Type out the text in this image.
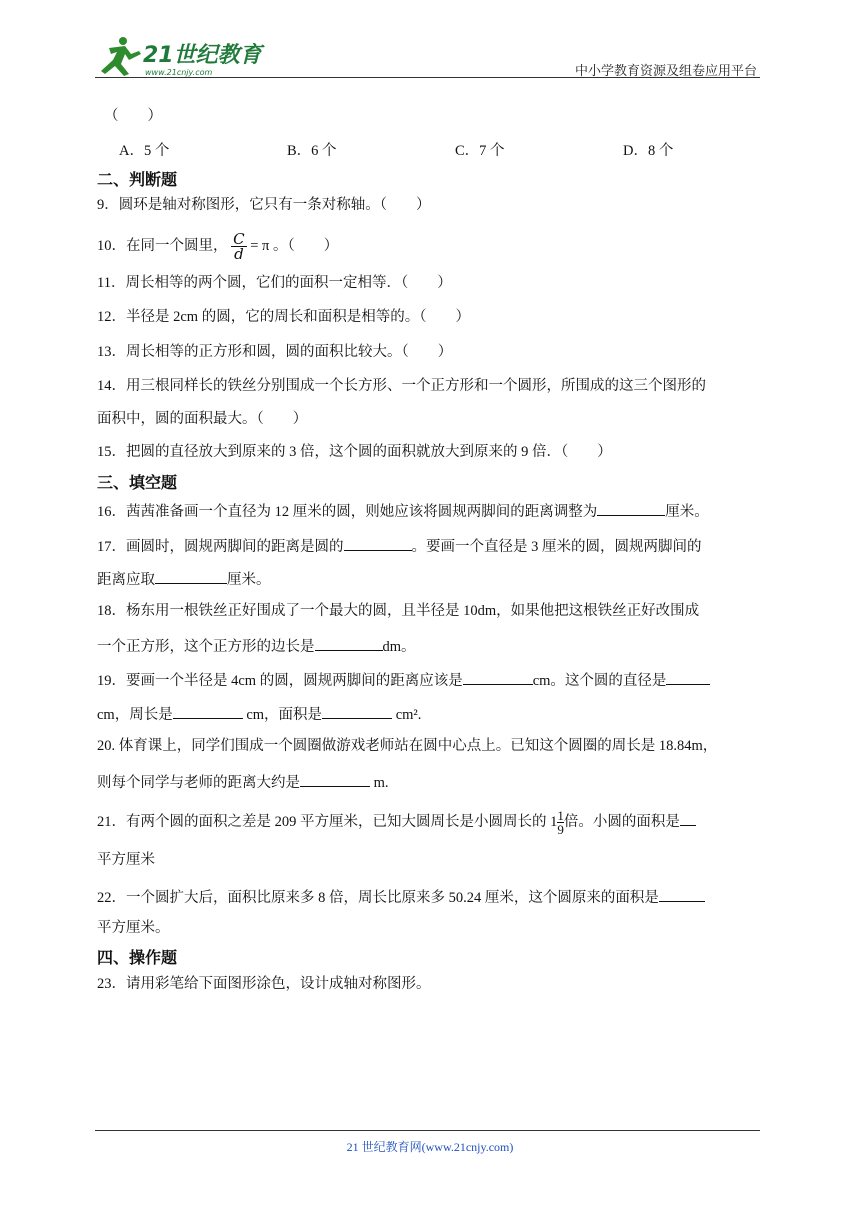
21世纪教育
www.21cnjy.com	中小学教育资源及组卷应用平台
（　　）
A．5 个	B．6 个	C．7 个	D．8 个
二、判断题
9．圆环是轴对称图形，它只有一条对称轴。（　　）
10．在同一个圆里， $\frac{C}{d} = \pi$ 。（　　）
11．周长相等的两个圆，它们的面积一定相等．（　　）
12．半径是 2cm 的圆，它的周长和面积是相等的。（　　）
13．周长相等的正方形和圆，圆的面积比较大。（　　）
14．用三根同样长的铁丝分别围成一个长方形、一个正方形和一个圆形，所围成的这三个图形的
面积中，圆的面积最大。（　　）
15．把圆的直径放大到原来的 3 倍，这个圆的面积就放大到原来的 9 倍．（　　）
三、填空题
16．茜茜准备画一个直径为 12 厘米的圆，则她应该将圆规两脚间的距离调整为	厘米。
17．画圆时，圆规两脚间的距离是圆的	。要画一个直径是 3 厘米的圆，圆规两脚间的
距离应取	厘米。
18．杨东用一根铁丝正好围成了一个最大的圆，且半径是 10dm，如果他把这根铁丝正好改围成
一个正方形，这个正方形的边长是	dm。
19．要画一个半径是 4cm 的圆，圆规两脚间的距离应该是	cm。这个圆的直径是
cm，周长是	cm，面积是	cm².
20. 体育课上，同学们围成一个圆圈做游戏老师站在圆中心点上。已知这个圆圈的周长是 18.84m，
则每个同学与老师的距离大约是	m.
21．有两个圆的面积之差是 209 平方厘米，已知大圆周长是小圆周长的 $1 \frac{1}{9}$ 倍。小圆的面积是
平方厘米
22．一个圆扩大后，面积比原来多 8 倍，周长比原来多 50.24 厘米，这个圆原来的面积是
平方厘米。
四、操作题
23．请用彩笔给下面图形涂色，设计成轴对称图形。
21 世纪教育网(www.21cnjy.com)
